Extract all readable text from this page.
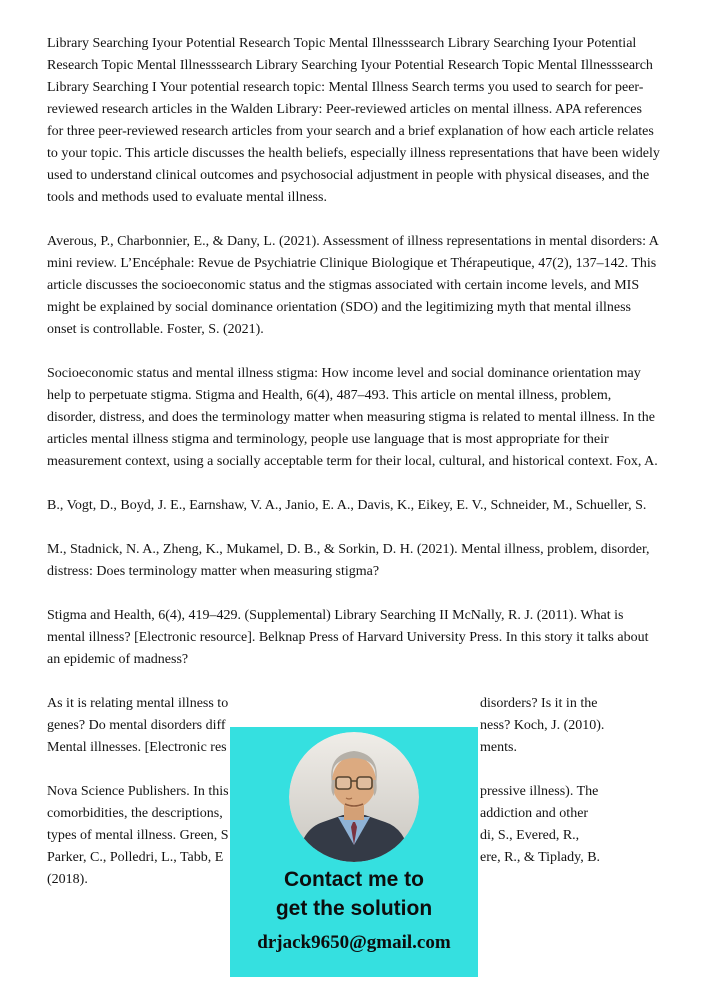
Library Searching Iyour Potential Research Topic Mental Illnesssearch Library Searching Iyour Potential Research Topic Mental Illnesssearch Library Searching Iyour Potential Research Topic Mental Illnesssearch Library Searching I Your potential research topic: Mental Illness Search terms you used to search for peer-reviewed research articles in the Walden Library: Peer-reviewed articles on mental illness. APA references for three peer-reviewed research articles from your search and a brief explanation of how each article relates to your topic. This article discusses the health beliefs, especially illness representations that have been widely used to understand clinical outcomes and psychosocial adjustment in people with physical diseases, and the tools and methods used to evaluate mental illness.

Averous, P., Charbonnier, E., & Dany, L. (2021). Assessment of illness representations in mental disorders: A mini review. L’Encéphale: Revue de Psychiatrie Clinique Biologique et Thérapeutique, 47(2), 137–142. This article discusses the socioeconomic status and the stigmas associated with certain income levels, and MIS might be explained by social dominance orientation (SDO) and the legitimizing myth that mental illness onset is controllable. Foster, S. (2021).

Socioeconomic status and mental illness stigma: How income level and social dominance orientation may help to perpetuate stigma. Stigma and Health, 6(4), 487–493. This article on mental illness, problem, disorder, distress, and does the terminology matter when measuring stigma is related to mental illness. In the articles mental illness stigma and terminology, people use language that is most appropriate for their measurement context, using a socially acceptable term for their local, cultural, and historical context. Fox, A.

B., Vogt, D., Boyd, J. E., Earnshaw, V. A., Janio, E. A., Davis, K., Eikey, E. V., Schneider, M., Schueller, S.

M., Stadnick, N. A., Zheng, K., Mukamel, D. B., & Sorkin, D. H. (2021). Mental illness, problem, disorder, distress: Does terminology matter when measuring stigma?

Stigma and Health, 6(4), 419–429. (Supplemental) Library Searching II McNally, R. J. (2011). What is mental illness? [Electronic resource]. Belknap Press of Harvard University Press. In this story it talks about an epidemic of madness?

As it is relating mental illness to	disorders? Is it in the
genes? Do mental disorders diff	ness? Koch, J. (2010).
Mental illnesses. [Electronic res	ments.
Nova Science Publishers. In this	pressive illness). The
comorbidities, the descriptions,	addiction and other
types of mental illness. Green, S	di, S., Evered, R.,
Parker, C., Polledri, L., Tabb, E	ere, R., & Tiplady, B.
(2018).	Contact me to
get the solution
drjack9650@gmail.com
